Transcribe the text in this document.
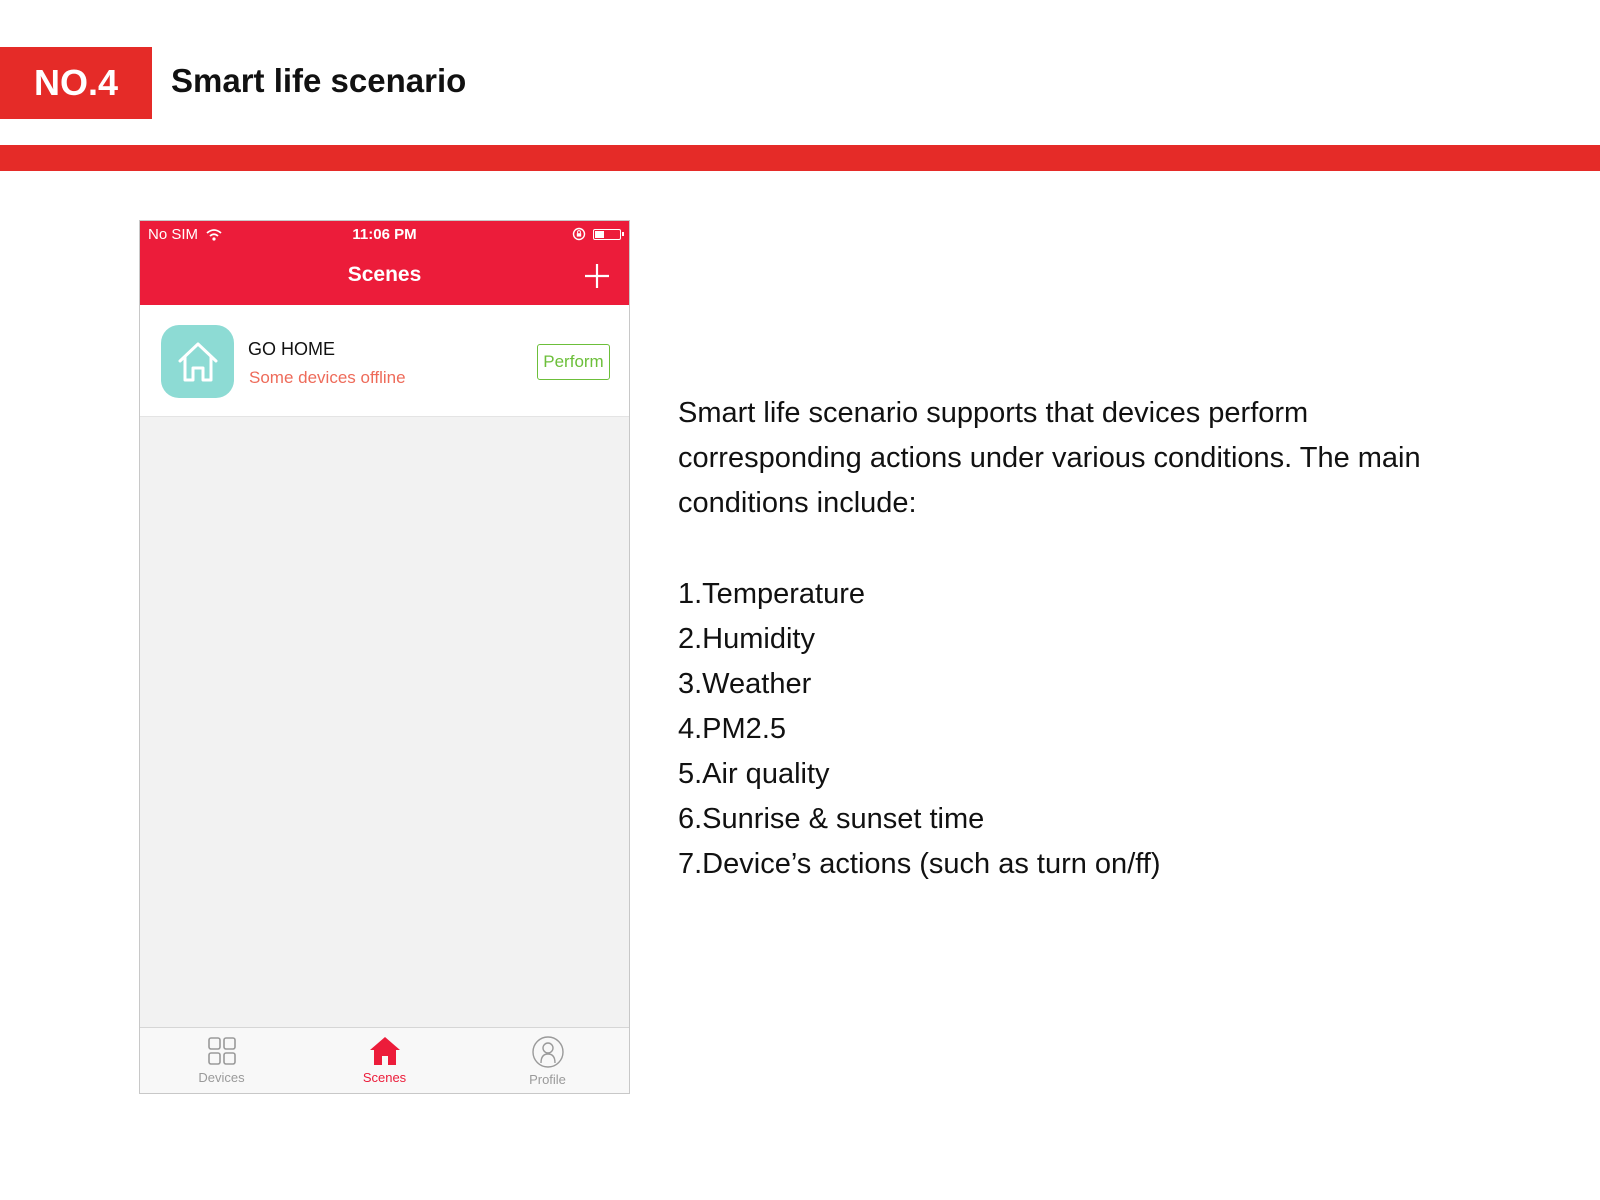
NO.4 Smart life scenario
No SIM	11:06 PM
Scenes
GO HOME
Some devices offline
Perform
Devices	Scenes	Profile
Smart life scenario supports that devices perform corresponding actions under various conditions. The main conditions include:
1.Temperature
2.Humidity
3.Weather
4.PM2.5
5.Air quality
6.Sunrise & sunset time
7.Device’s actions (such as turn on/ff)
